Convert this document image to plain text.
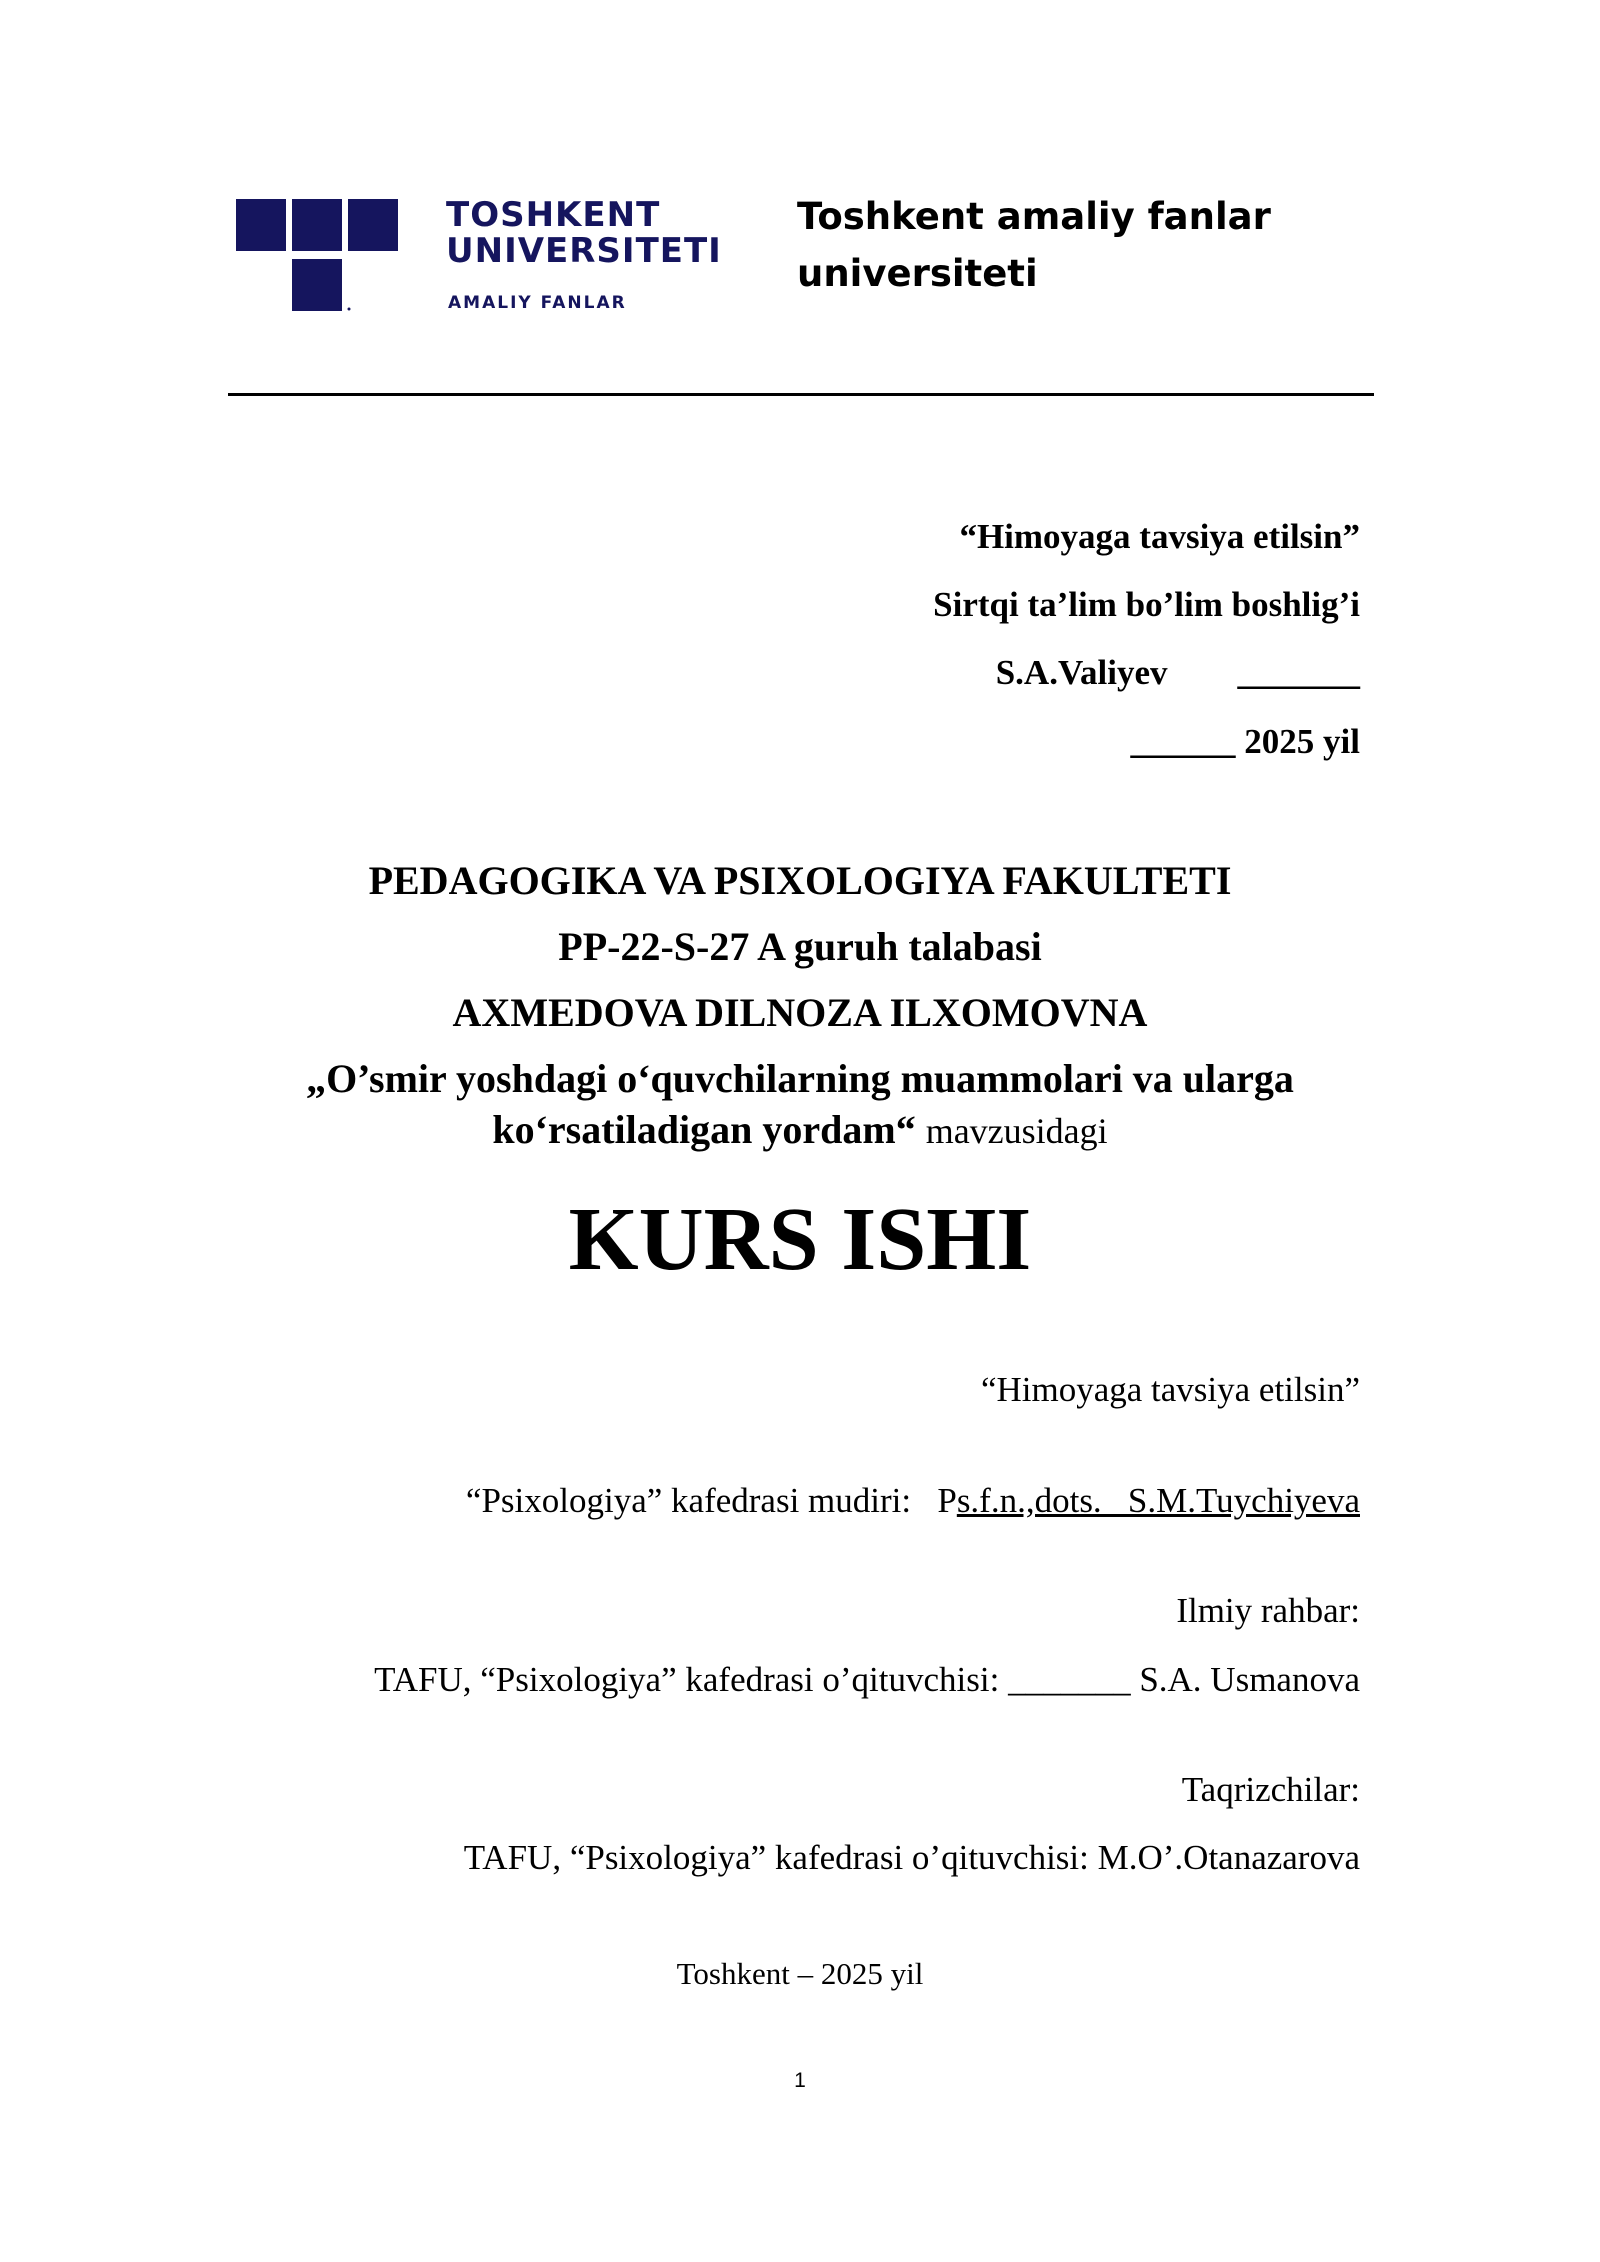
TOSHKENT
UNIVERSITETI
AMALIY FANLAR
Toshkent amaliy fanlar
universiteti
“Himoyaga tavsiya etilsin”
Sirtqi ta’lim bo’lim boshlig’i
S.A.Valiyev        _______
______ 2025 yil
PEDAGOGIKA VA PSIXOLOGIYA FAKULTETI
PP-22-S-27 A guruh talabasi
AXMEDOVA DILNOZA ILXOMOVNA
„O’smir yoshdagi o‘quvchilarning muammolari va ularga
ko‘rsatiladigan yordam“ mavzusidagi
KURS ISHI
“Himoyaga tavsiya etilsin”
“Psixologiya” kafedrasi mudiri:   Ps.f.n.,dots.   S.M.Tuychiyeva
Ilmiy rahbar:
TAFU, “Psixologiya” kafedrasi o’qituvchisi: _______ S.A. Usmanova
Taqrizchilar:
TAFU, “Psixologiya” kafedrasi o’qituvchisi: M.O’.Otanazarova
Toshkent – 2025 yil
1
